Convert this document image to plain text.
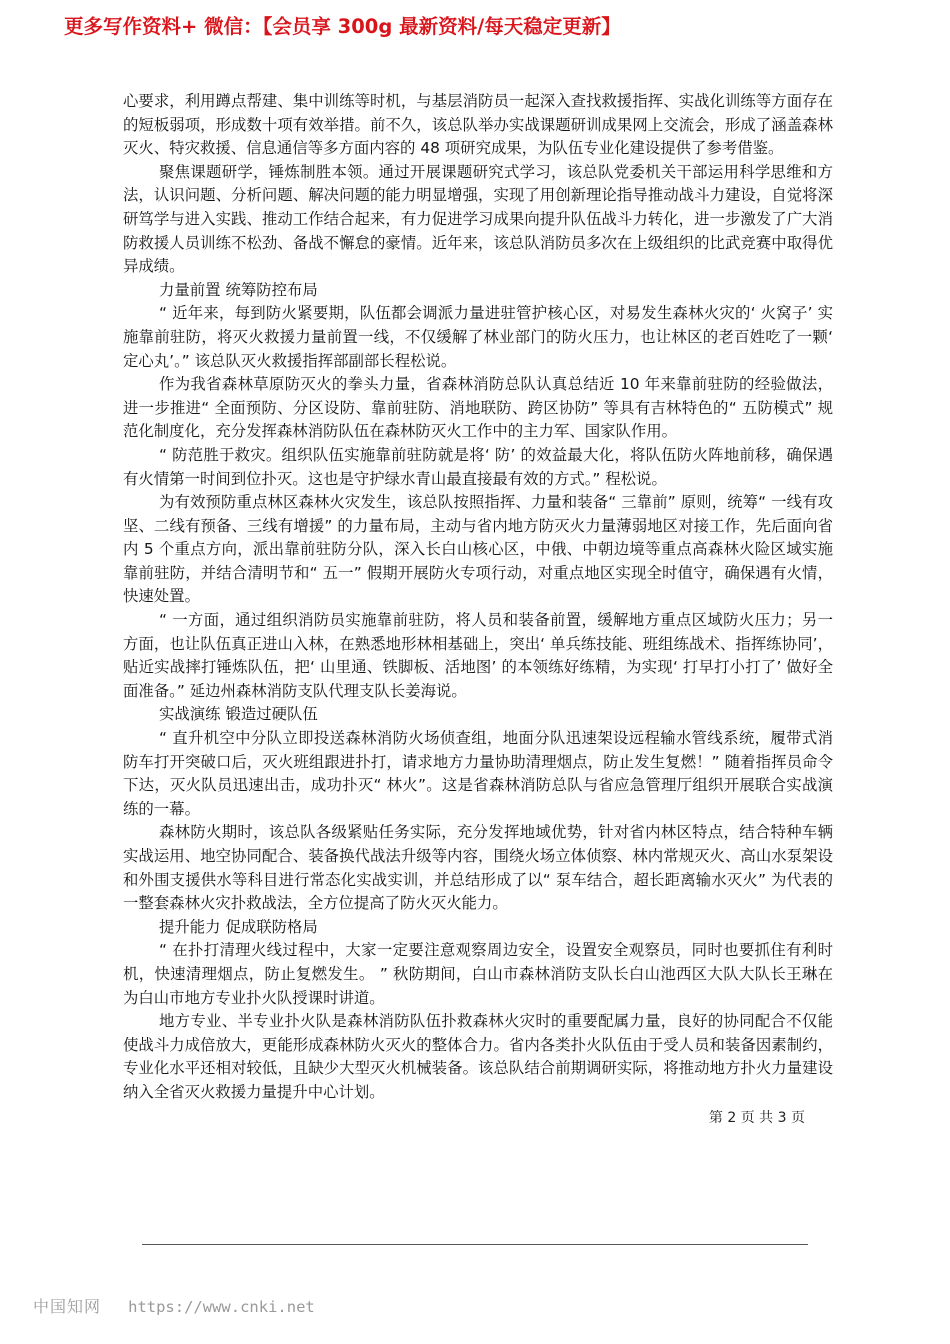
更多写作资料+ 微信：【会员享 300g 最新资料/每天稳定更新】

心要求，利用蹲点帮建、集中训练等时机，与基层消防员一起深入查找救援指挥、实战化训练等方面存在的短板弱项，形成数十项有效举措。前不久，该总队举办实战课题研训成果网上交流会，形成了涵盖森林灭火、特灾救援、信息通信等多方面内容的 48 项研究成果，为队伍专业化建设提供了参考借鉴。

聚焦课题研学，锤炼制胜本领。通过开展课题研究式学习，该总队党委机关干部运用科学思维和方法，认识问题、分析问题、解决问题的能力明显增强，实现了用创新理论指导推动战斗力建设，自觉将深研笃学与进入实践、推动工作结合起来，有力促进学习成果向提升队伍战斗力转化，进一步激发了广大消防救援人员训练不松劲、备战不懈怠的豪情。近年来，该总队消防员多次在上级组织的比武竞赛中取得优异成绩。

力量前置 统筹防控布局

“ 近年来，每到防火紧要期，队伍都会调派力量进驻管护核心区，对易发生森林火灾的‘ 火窝子’ 实施靠前驻防，将灭火救援力量前置一线，不仅缓解了林业部门的防火压力，也让林区的老百姓吃了一颗‘ 定心丸’。” 该总队灭火救援指挥部副部长程松说。

作为我省森林草原防灭火的拳头力量，省森林消防总队认真总结近 10 年来靠前驻防的经验做法，进一步推进“ 全面预防、分区设防、靠前驻防、消地联防、跨区协防” 等具有吉林特色的“ 五防模式” 规范化制度化，充分发挥森林消防队伍在森林防灭火工作中的主力军、国家队作用。

“ 防范胜于救灾。组织队伍实施靠前驻防就是将‘ 防’ 的效益最大化，将队伍防火阵地前移，确保遇有火情第一时间到位扑灭。这也是守护绿水青山最直接最有效的方式。” 程松说。

为有效预防重点林区森林火灾发生，该总队按照指挥、力量和装备“ 三靠前” 原则，统筹“ 一线有攻坚、二线有预备、三线有增援” 的力量布局，主动与省内地方防灭火力量薄弱地区对接工作，先后面向省内 5 个重点方向，派出靠前驻防分队，深入长白山核心区，中俄、中朝边境等重点高森林火险区域实施靠前驻防，并结合清明节和“ 五一” 假期开展防火专项行动，对重点地区实现全时值守，确保遇有火情，快速处置。

“ 一方面，通过组织消防员实施靠前驻防，将人员和装备前置，缓解地方重点区域防火压力；另一方面，也让队伍真正进山入林，在熟悉地形林相基础上，突出‘ 单兵练技能、班组练战术、指挥练协同’，贴近实战摔打锤炼队伍，把‘ 山里通、铁脚板、活地图’ 的本领练好练精，为实现‘ 打早打小打了’ 做好全面准备。” 延边州森林消防支队代理支队长姜海说。

实战演练 锻造过硬队伍

“ 直升机空中分队立即投送森林消防火场侦查组，地面分队迅速架设远程输水管线系统，履带式消防车打开突破口后，灭火班组跟进扑打，请求地方力量协助清理烟点，防止发生复燃！” 随着指挥员命令下达，灭火队员迅速出击，成功扑灭“ 林火”。这是省森林消防总队与省应急管理厅组织开展联合实战演练的一幕。

森林防火期时，该总队各级紧贴任务实际，充分发挥地域优势，针对省内林区特点，结合特种车辆实战运用、地空协同配合、装备换代战法升级等内容，围绕火场立体侦察、林内常规灭火、高山水泵架设和外围支援供水等科目进行常态化实战实训，并总结形成了以“ 泵车结合，超长距离输水灭火” 为代表的一整套森林火灾扑救战法，全方位提高了防火灭火能力。

提升能力 促成联防格局

“ 在扑打清理火线过程中，大家一定要注意观察周边安全，设置安全观察员，同时也要抓住有利时机，快速清理烟点，防止复燃发生。 ” 秋防期间，白山市森林消防支队长白山池西区大队大队长王琳在为白山市地方专业扑火队授课时讲道。

地方专业、半专业扑火队是森林消防队伍扑救森林火灾时的重要配属力量，良好的协同配合不仅能使战斗力成倍放大，更能形成森林防火灭火的整体合力。省内各类扑火队伍由于受人员和装备因素制约，专业化水平还相对较低，且缺少大型灭火机械装备。该总队结合前期调研实际，将推动地方扑火力量建设纳入全省灭火救援力量提升中心计划。

第 2 页 共 3 页
中国知网 https://www.cnki.net
